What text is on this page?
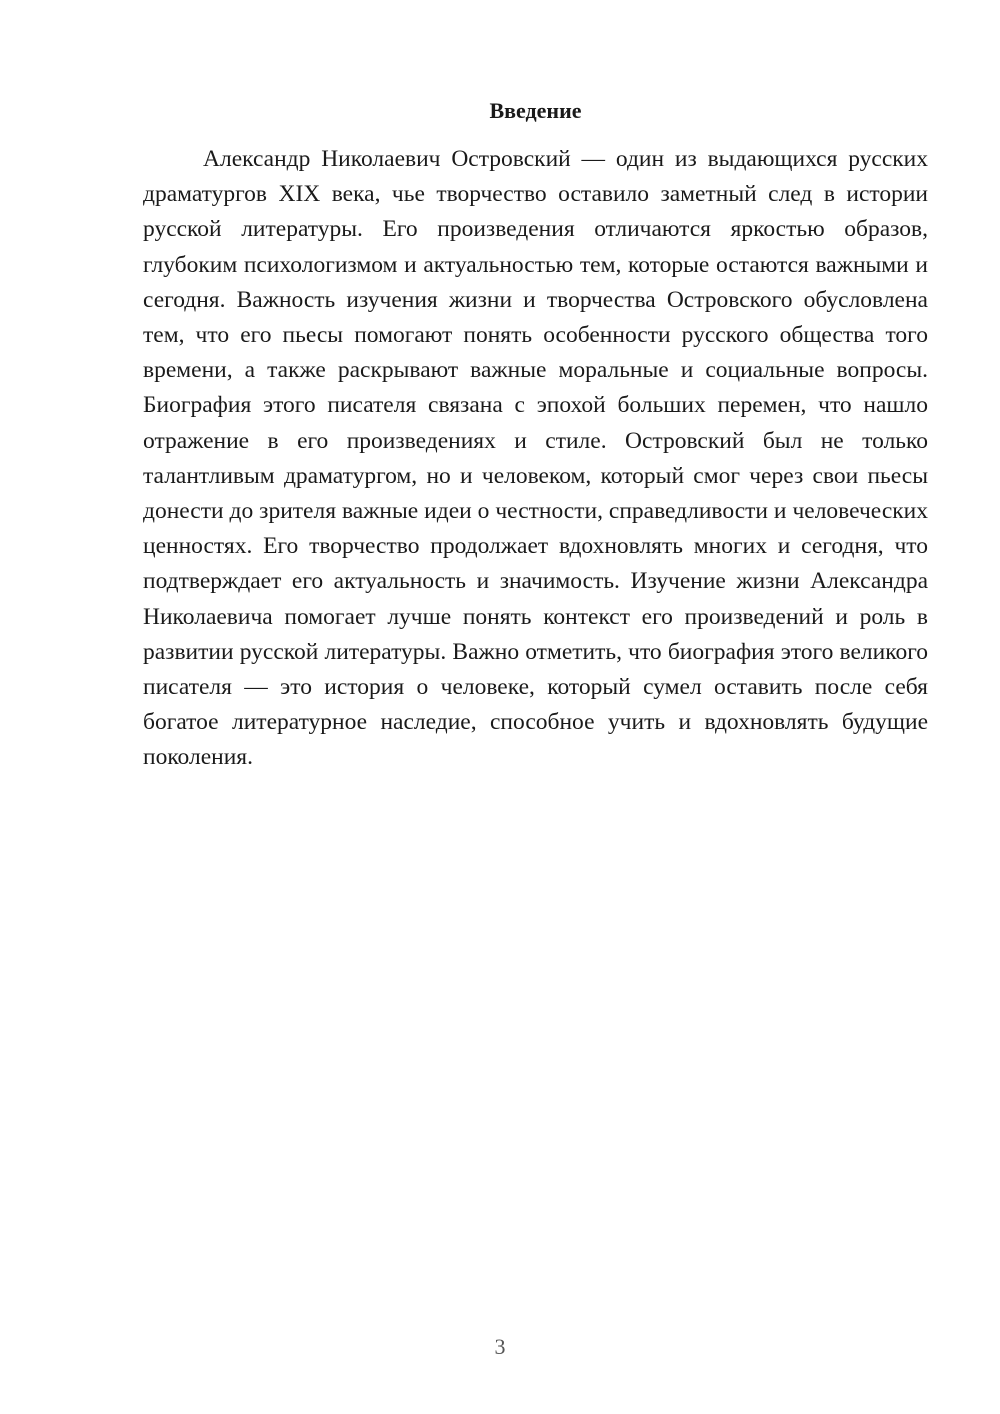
Введение

Александр Николаевич Островский — один из выдающихся русских драматургов XIX века, чье творчество оставило заметный след в истории русской литературы. Его произведения отличаются яркостью образов, глубоким психологизмом и актуальностью тем, которые остаются важными и сегодня. Важность изучения жизни и творчества Островского обусловлена тем, что его пьесы помогают понять особенности русского общества того времени, а также раскрывают важные моральные и социальные вопросы. Биография этого писателя связана с эпохой больших перемен, что нашло отражение в его произведениях и стиле. Островский был не только талантливым драматургом, но и человеком, который смог через свои пьесы донести до зрителя важные идеи о честности, справедливости и человеческих ценностях. Его творчество продолжает вдохновлять многих и сегодня, что подтверждает его актуальность и значимость. Изучение жизни Александра Николаевича помогает лучше понять контекст его произведений и роль в развитии русской литературы. Важно отметить, что биография этого великого писателя — это история о человеке, который сумел оставить после себя богатое литературное наследие, способное учить и вдохновлять будущие поколения.

3
